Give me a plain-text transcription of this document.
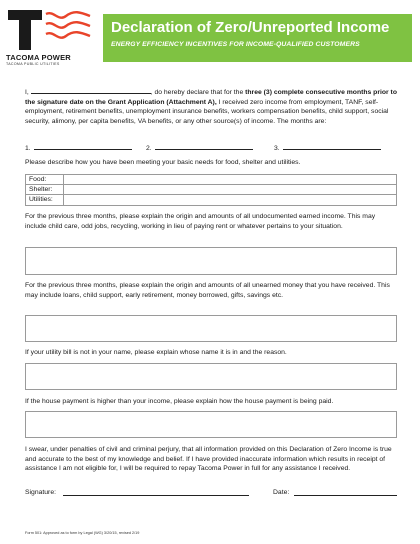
TACOMA POWER
TACOMA PUBLIC UTILITIES
Declaration of Zero/Unreported Income
ENERGY EFFICIENCY INCENTIVES FOR INCOME-QUALIFIED CUSTOMERS
I,	, do hereby declare that for the three (3) complete consecutive months prior to the signature date on the Grant Application (Attachment A), I received zero income from employment, TANF, self-employment, retirement benefits, unemployment insurance benefits, workers compensation benefits, child support, social security, alimony, per capita benefits, VA benefits, or any other source(s) of income. The months are:
1.	2.	3.
Please describe how you have been meeting your basic needs for food, shelter and utilities.
Food:
Shelter:
Utilities:
For the previous three months, please explain the origin and amounts of all undocumented earned income. This may include child care, odd jobs, recycling, working in lieu of paying rent or whatever pertains to your situation.
For the previous three months, please explain the origin and amounts of all unearned money that you have received. This may include loans, child support, early retirement, money borrowed, gifts, savings etc.
If your utility bill is not in your name, please explain whose name it is in and the reason.
If the house payment is higher than your income, please explain how the house payment is being paid.
I swear, under penalties of civil and criminal perjury, that all information provided on this Declaration of Zero Income is true and accurate to the best of my knowledge and belief. If I have provided inaccurate information which results in receipt of assistance I am not eligible for, I will be required to repay Tacoma Power in full for any assistance I received.
Signature:	Date:
Form 501: Approved as to form by Legal (WG) 3/20/15, revised 2/19
